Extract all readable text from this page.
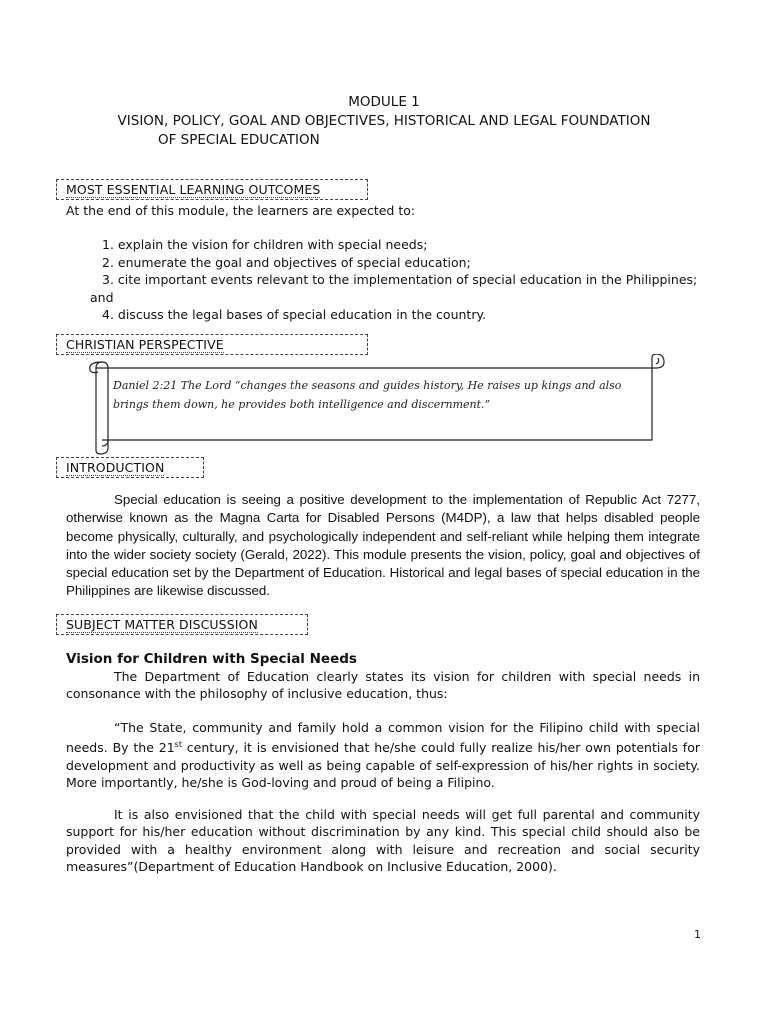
MODULE 1

VISION, POLICY, GOAL AND OBJECTIVES, HISTORICAL AND LEGAL FOUNDATION

OF SPECIAL EDUCATION

MOST ESSENTIAL LEARNING OUTCOMES

At the end of this module, the learners are expected to:

1. explain the vision for children with special needs;
2. enumerate the goal and objectives of special education;
3. cite important events relevant to the implementation of special education in the Philippines;
and
4. discuss the legal bases of special education in the country.
CHRISTIAN PERSPECTIVE

Daniel 2:21 The Lord “changes the seasons and guides history, He raises up kings and also brings them down, he provides both intelligence and discernment.”

INTRODUCTION

Special education is seeing a positive development to the implementation of Republic Act 7277, otherwise known as the Magna Carta for Disabled Persons (M4DP), a law that helps disabled people become physically, culturally, and psychologically independent and self-reliant while helping them integrate into the wider society society (Gerald, 2022). This module presents the vision, policy, goal and objectives of special education set by the Department of Education. Historical and legal bases of special education in the Philippines are likewise discussed.

SUBJECT MATTER DISCUSSION

Vision for Children with Special Needs

The Department of Education clearly states its vision for children with special needs in consonance with the philosophy of inclusive education, thus:

“The State, community and family hold a common vision for the Filipino child with special needs. By the 21st century, it is envisioned that he/she could fully realize his/her own potentials for development and productivity as well as being capable of self-expression of his/her rights in society. More importantly, he/she is God-loving and proud of being a Filipino.

It is also envisioned that the child with special needs will get full parental and community support for his/her education without discrimination by any kind. This special child should also be provided with a healthy environment along with leisure and recreation and social security measures”(Department of Education Handbook on Inclusive Education, 2000).

1
